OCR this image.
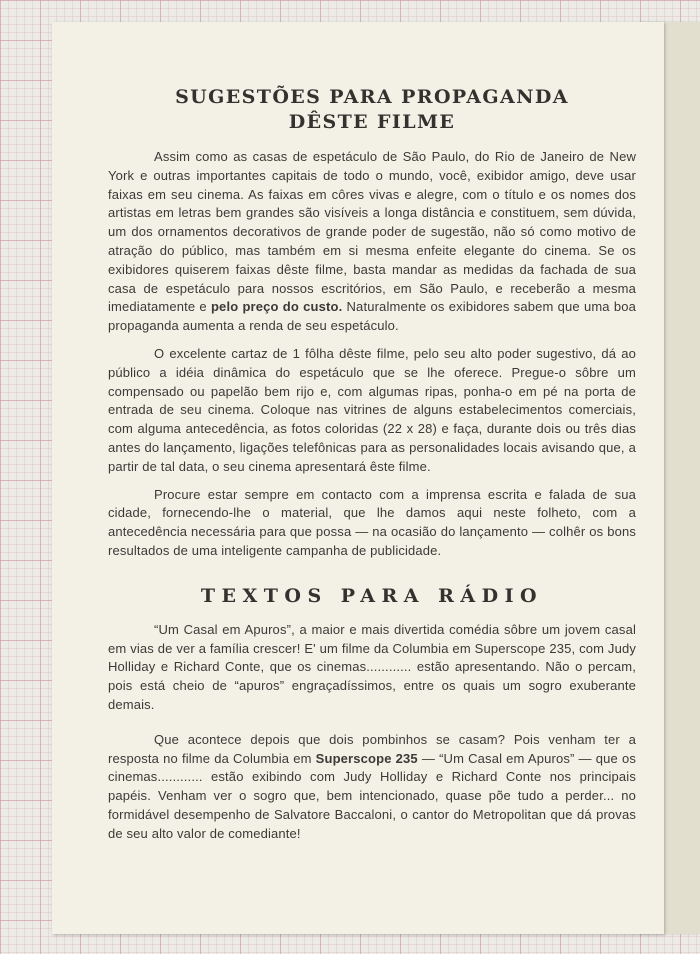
SUGESTÕES PARA PROPAGANDA
DÊSTE FILME

Assim como as casas de espetáculo de São Paulo, do Rio de Janeiro de New York e outras importantes capitais de todo o mundo, você, exibidor amigo, deve usar faixas em seu cinema. As faixas em côres vivas e alegre, com o título e os nomes dos artistas em letras bem grandes são visíveis a longa distância e constituem, sem dúvida, um dos ornamentos decorativos de grande poder de sugestão, não só como motivo de atração do público, mas também em si mesma enfeite elegante do cinema. Se os exibidores quiserem faixas dêste filme, basta mandar as medidas da fachada de sua casa de espetáculo para nossos escritórios, em São Paulo, e receberão a mesma imediatamente e pelo preço do custo. Naturalmente os exibidores sabem que uma boa propaganda aumenta a renda de seu espetáculo.

O excelente cartaz de 1 fôlha dêste filme, pelo seu alto poder sugestivo, dá ao público a idéia dinâmica do espetáculo que se lhe oferece. Pregue-o sôbre um compensado ou papelão bem rijo e, com algumas ripas, ponha-o em pé na porta de entrada de seu cinema. Coloque nas vitrines de alguns estabelecimentos comerciais, com alguma antecedência, as fotos coloridas (22 x 28) e faça, durante dois ou três dias antes do lançamento, ligações telefônicas para as personalidades locais avisando que, a partir de tal data, o seu cinema apresentará êste filme.

Procure estar sempre em contacto com a imprensa escrita e falada de sua cidade, fornecendo-lhe o material, que lhe damos aqui neste folheto, com a antecedência necessária para que possa — na ocasião do lançamento — colhêr os bons resultados de uma inteligente campanha de publicidade.

TEXTOS PARA RÁDIO

“Um Casal em Apuros”, a maior e mais divertida comédia sôbre um jovem casal em vias de ver a família crescer! E' um filme da Columbia em Superscope 235, com Judy Holliday e Richard Conte, que os cinemas............ estão apresentando. Não o percam, pois está cheio de “apuros” engraçadíssimos, entre os quais um sogro exuberante demais.

Que acontece depois que dois pombinhos se casam? Pois venham ter a resposta no filme da Columbia em Superscope 235 — “Um Casal em Apuros” — que os cinemas............ estão exibindo com Judy Holliday e Richard Conte nos principais papéis. Venham ver o sogro que, bem intencionado, quase põe tudo a perder... no formidável desempenho de Salvatore Baccaloni, o cantor do Metropolitan que dá provas de seu alto valor de comediante!
